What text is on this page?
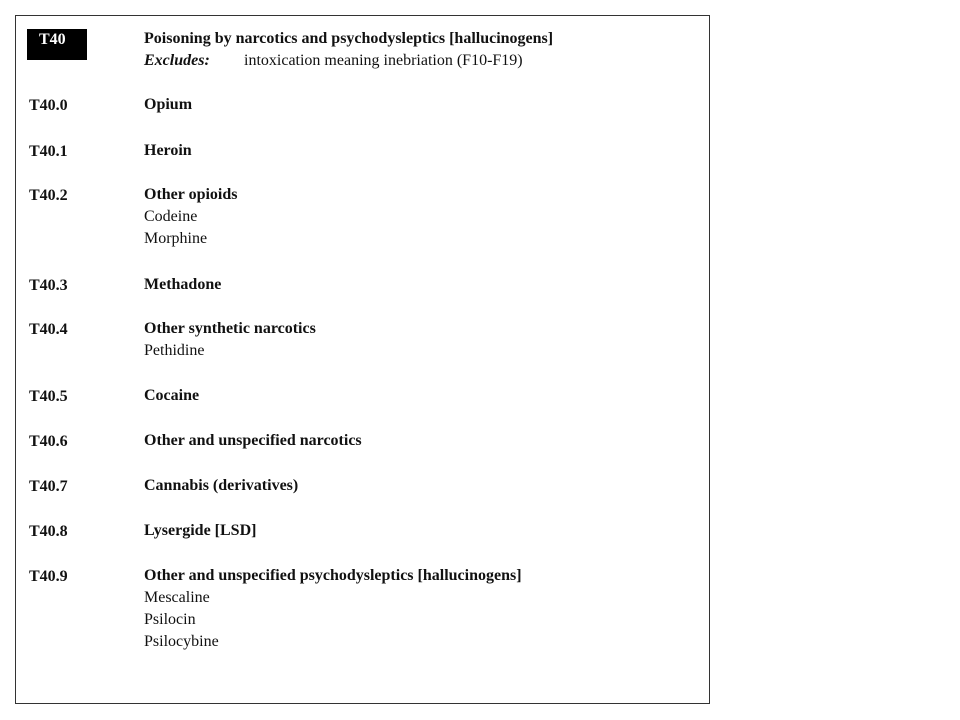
T40	Poisoning by narcotics and psychodysleptics [hallucinogens]
Excludes: intoxication meaning inebriation (F10-F19)
T40.0	Opium
T40.1	Heroin
T40.2	Other opioids
Codeine
Morphine
T40.3	Methadone
T40.4	Other synthetic narcotics
Pethidine
T40.5	Cocaine
T40.6	Other and unspecified narcotics
T40.7	Cannabis (derivatives)
T40.8	Lysergide [LSD]
T40.9	Other and unspecified psychodysleptics [hallucinogens]
Mescaline
Psilocin
Psilocybine
